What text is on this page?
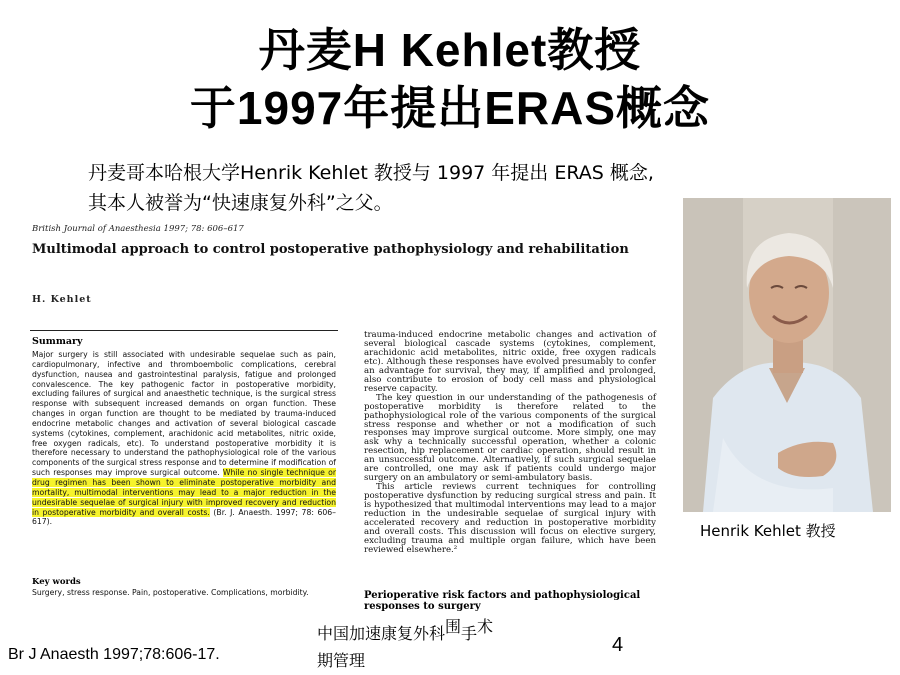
丹麦H Kehlet教授
于1997年提出ERAS概念
丹麦哥本哈根大学Henrik Kehlet 教授与 1997 年提出 ERAS 概念,
其本人被誉为“快速康复外科”之父。
British Journal of Anaesthesia 1997; 78: 606–617
Multimodal approach to control postoperative pathophysiology and rehabilitation
H. Kehlet
Summary
Major surgery is still associated with undesirable sequelae such as pain, cardiopulmonary, infective and thromboembolic complications, cerebral dysfunction, nausea and gastrointestinal paralysis, fatigue and prolonged convalescence. The key pathogenic factor in postoperative morbidity, excluding failures of surgical and anaesthetic technique, is the surgical stress response with subsequent increased demands on organ function. These changes in organ function are thought to be mediated by trauma-induced endocrine metabolic changes and activation of several biological cascade systems (cytokines, complement, arachidonic acid metabolites, nitric oxide, free oxygen radicals, etc). To understand postoperative morbidity it is therefore necessary to understand the pathophysiological role of the various components of the surgical stress response and to determine if modification of such responses may improve surgical outcome. While no single technique or drug regimen has been shown to eliminate postoperative morbidity and mortality, multimodal interventions may lead to a major reduction in the undesirable sequelae of surgical injury with improved recovery and reduction in postoperative morbidity and overall costs. (Br. J. Anaesth. 1997; 78: 606–617).
Key words
Surgery, stress response. Pain, postoperative. Complications, morbidity.

trauma-induced endocrine metabolic changes and activation of several biological cascade systems (cytokines, complement, arachidonic acid metabolites, nitric oxide, free oxygen radicals etc). Although these responses have evolved presumably to confer an advantage for survival, they may, if amplified and prolonged, also contribute to erosion of body cell mass and physiological reserve capacity.

The key question in our understanding of the pathogenesis of postoperative morbidity is therefore related to the pathophysiological role of the various components of the surgical stress response and whether or not a modification of such responses may improve surgical outcome. More simply, one may ask why a technically successful operation, whether a colonic resection, hip replacement or cardiac operation, should result in an unsuccessful outcome. Alternatively, if such surgical sequelae are controlled, one may ask if patients could undergo major surgery on an ambulatory or semi-ambulatory basis.

This article reviews current techniques for controlling postoperative dysfunction by reducing surgical stress and pain. It is hypothesized that multimodal interventions may lead to a major reduction in the undesirable sequelae of surgical injury with accelerated recovery and reduction in postoperative morbidity and overall costs. This discussion will focus on elective surgery, excluding trauma and multiple organ failure, which have been reviewed elsewhere.²

Perioperative risk factors and pathophysiological responses to surgery
Henrik Kehlet 教授
Br J Anaesth 1997;78:606-17.
中国加速康复外科围手术
期管理
4
